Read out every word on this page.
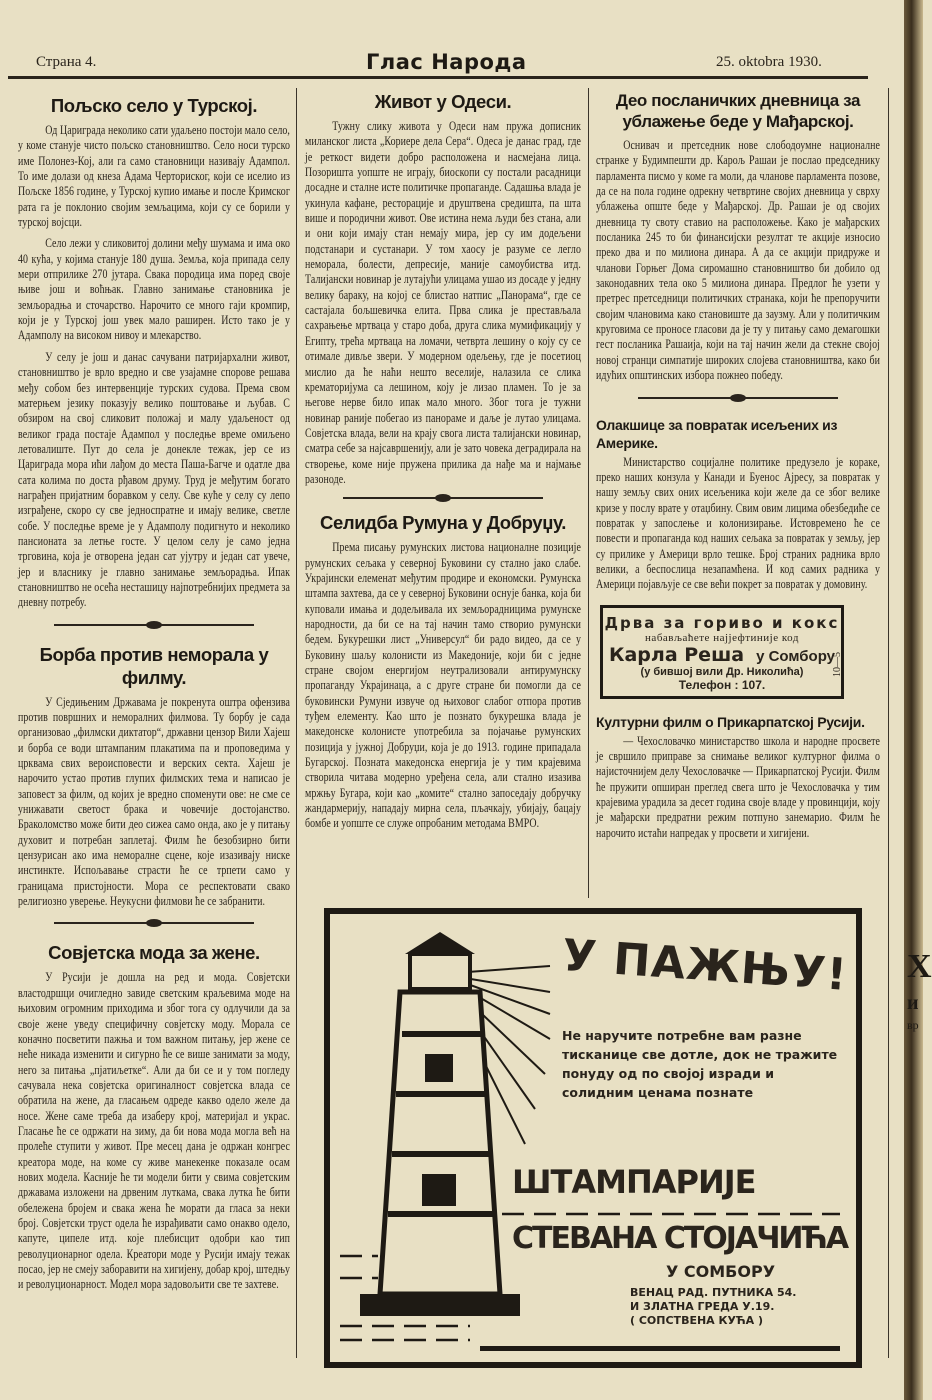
Страна 4.	Глас Народа	25. oktobra 1930.
Пољско село у Турској.

Од Цариграда неколико сати удаљено постоји мало село, у коме станује чисто пољско становништво. Село носи турско име Полонез-Кој, али га само становници називају Адампол. То име долази од кнеза Адама Черториског, који се иселио из Пољске 1856 године, у Турској купио имање и после Кримског рата га је поклонио својим земљацима, који су се борили у турској војсци.

Село лежи у сликовитој долини међу шумама и има око 40 кућа, у којима станује 180 душа. Земља, која припада селу мери отприлике 270 јутара. Свака породица има поред своје њиве још и воћњак. Главно занимање становника је земљорадња и сточарство. Нарочито се много гаји кромпир, који је у Турској још увек мало раширен. Исто тако је у Адамполу на високом нивоу и млекарство.

У селу је још и данас сачувани патријархални живот, становништво је врло вредно и све узајамне спорове решава међу собом без интервенције турских судова. Према свом матерњем језику показују велико поштовање и љубав. С обзиром на свој сликовит положај и малу удаљеност од великог града постаје Адампол у последње време омиљено летовалиште. Пут до села је донекле тежак, јер се из Цариграда мора ићи лађом до места Паша-Багче и одатле два сата колима по доста рђавом друму. Труд је међутим богато награђен пријатним боравком у селу. Све куће у селу су лепо изграђене, скоро су све једноспратне и имају велике, светле собе. У последње време је у Адамполу подигнуто и неколико пансионата за летње госте. У целом селу је само једна трговина, која је отворена један сат ујутру и један сат увече, јер и власнику је главно занимање земљорадња. Ипак становништво не осећа несташицу најпотребнијих предмета за дневну потребу.

Борба против неморала у филму.

У Сједињеним Државама је покренута оштра офензива против површних и неморалних филмова. Ту борбу је сада организовао „филмски диктатор“, државни цензор Вили Хајеш и борба се води штампаним плакатима па и проповедима у црквама свих вероисповести и верских секта. Хајеш је нарочито устао против глупих филмских тема и написао је заповест за филм, од којих је вредно споменути ове: не сме се унижавати светост брака и човечије достојанство. Браколомство може бити део сижеа само онда, ако је у питању духовит и потребан заплетај. Филм ће безобзирно бити цензурисан ако има неморалне сцене, које изазивају ниске инстинкте. Испољавање страсти ће се трпети само у границама пристојности. Мора се респектовати свако религиозно уверење. Неукусни филмови ће се забранити.

Совјетска мода за жене.

У Русији је дошла на ред и мода. Совјетски властодршци очигледно завиде светским краљевима моде на њиховим огромним приходима и због тога су одлучили да за своје жене уведу специфичну совјетску моду. Морала се коначно посветити пажња и том важном питању, јер жене се неће никада изменити и сигурно ће се више занимати за моду, него за питања „пјатиљетке“. Али да би се и у том погледу сачувала нека совјетска оригиналност совјетска влада се обратила на жене, да гласањем одреде какво одело желе да носе. Жене саме треба да изаберу крој, материјал и украс. Гласање ће се одржати на зиму, да би нова мода могла већ на пролеће ступити у живот. Пре месец дана је одржан конгрес креатора моде, на коме су живе манекенке показале осам нових модела. Касније ће ти модели бити у свима совјетским државама изложени на дрвеним луткама, свака лутка ће бити обележена бројем и свака жена ће морати да гласа за неки број. Совјетски труст одела ће израђивати само онакво одело, капуте, ципеле итд. које плебисцит одобри као тип револуционарног одела. Креатори моде у Русији имају тежак посао, јер не смеју заборавити на хигијену, добар крој, штедњу и револуционарност. Модел мора задовољити све те захтеве.

Живот у Одеси.

Тужну слику живота у Одеси нам пружа дописник миланског листа „Кориере дела Сера“. Одеса је данас град, где је реткост видети добро расположена и насмејана лица. Позоришта уопште не играју, биоскопи су постали расадници досадне и сталне исте политичке пропаганде. Садашња влада је укинула кафане, ресторације и друштвена средишта, па шта више и породични живот. Ове истина нема људи без стана, али и они који имају стан немају мира, јер су им додељени подстанари и сустанари. У том хаосу је разуме се легло неморала, болести, депресије, маније самоубиства итд. Талијански новинар је лутајући улицама ушао из досаде у једну велику бараку, на којој се блистао натпис „Панорама“, где се састајала бољшевичка елита. Прва слика је престављала сахрањење мртваца у старо доба, друга слика мумификацију у Египту, трећа мртваца на ломачи, четврта лешину о коју су се отимале дивље звери. У модерном одељењу, где је посетиоц мислио да ће наћи нешто веселије, налазила се слика крематоријума са лешином, коју је лизао пламен. То је за његове нерве било ипак мало много. Због тога је тужни новинар раније побегао из панораме и даље је лутао улицама. Совјетска влада, вели на крају свога листа талијански новинар, сматра себе за најсавршенију, али је зато човека деградирала на створење, коме није пружена прилика да нађе ма и најмање разоноде.

Селидба Румуна у Добруџу.

Према писању румунских листова националне позиције румунских сељака у северној Буковини су стално јако слабе. Украјински елеменат међутим продире и економски. Румунска штампа захтева, да се у северној Буковини оснује банка, која би куповали имања и додељивала их земљорадницима румунске народности, да би се на тај начин тамо створио румунски бедем. Букурешки лист „Универсул“ би радо видео, да се у Буковину шаљу колонисти из Македоније, који би с једне стране својом енергијом неутрализовали антирумунску пропаганду Украјинаца, а с друге стране би помогли да се буковински Румуни извуче од њиховог слабог отпора против туђем елементу. Као што је познато букурешка влада је македонске колонисте употребила за појачање румунских позиција у јужној Добруџи, која је до 1913. године припадала Бугарској. Позната македонска енергија је у тим крајевима створила читава модерно уређена села, али стално изазива мржњу Бугара, који као „комите“ стално запоседају добручку жандармерију, нападају мирна села, пљачкају, убијају, бацају бомбе и уопште се служе опробаним методама ВМРО.

Део посланичких дневница за ублажење беде у Мађарској.

Оснивач и претседник нове слободоумне националне странке у Будимпешти др. Карољ Рашаи је послао председнику парламента писмо у коме га моли, да чланове парламента позове, да се на пола године одрекну четвртине својих дневница у сврху ублажења опште беде у Мађарској. Др. Рашаи је од својих дневница ту своту ставио на расположење. Како је мађарских посланика 245 то би финансијски резултат те акције износио преко два и по милиона динара. А да се акцији придруже и чланови Горњег Дома сиромашно становништво би добило од законодавних тела око 5 милиона динара. Предлог ће узети у претрес претседници политичких странака, који ће препоручити својим члановима како становиште да заузму. Али у политичким круговима се проносе гласови да је ту у питању само демагошки гест посланика Рашаија, који на тај начин жели да стекне својој новој странци симпатије широких слојева становништва, како би идућих општинских избора пожнео победу.

Олакшице за повратак исељених из Америке.

Министарство социјалне политике предузело је кораке, преко наших конзула у Канади и Буенос Ајресу, за повратак у нашу земљу свих оних исељеника који желе да се због велике кризе у послу врате у отаџбину. Свим овим лицима обезбедиће се повратак у запослење и колонизирање. Истовремено ће се повести и пропаганда код наших сељака за повратак у земљу, јер су прилике у Америци врло тешке. Број страних радника врло велики, а беспослица незапамћена. И код самих радника у Америци појављује се све већи покрет за повратак у домовину.

Дрва за гориво и кокс
набављаћете најјефтиније код
Карла Реша у Сомбору
(у бившој вили Др. Николића)
Телефон : 107.
10—5
Културни филм о Прикарпатској Русији.

— Чехословачко министарство школа и народне просвете је свршило приправе за снимање великог културног филма о најисточнијем делу Чехословачке — Прикарпатској Русији. Филм ће пружити опширан преглед свега што је Чехословачка у тим крајевима урадила за десет година своје владе у провинцији, коју је мађарски предратни режим потпуно занемарио. Филм ће нарочито истаћи напредак у просвети и хигијени.

У ПАЖЊУ!
Не наручите потребне вам разне тисканице све дотле, док не тражите понуду од по својој изради и солидним ценама познате
ШТАМПАРИЈЕ
СТЕВАНА СТОЈАЧИЋА
У СОМБОРУ
ВЕНАЦ РАД. ПУТНИКА 54.
И ЗЛАТНА ГРЕДА У.19.
( СОПСТВЕНА КУЋА )
Х
и
вр
